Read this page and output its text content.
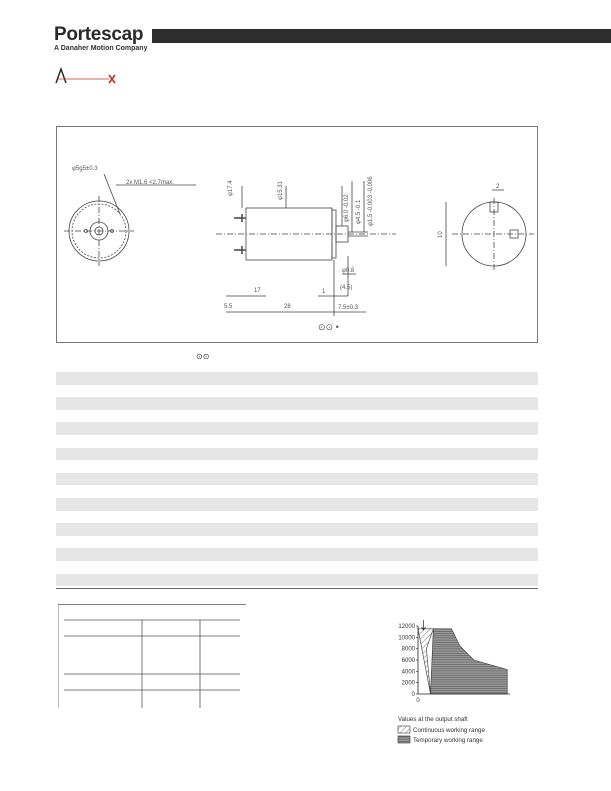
Portescap
A Danaher Motion Company
φ5g5±0.3
2x M1.6 <2.7max.	φ17.4	φ15.31
φ6.0 -0.02 φ4.5 -0.1 φ1.5 -0.003 -0.006
17
5.5	28
1
(4.5)
7.5±0.3
φ0.8
⊙⊙ •
2
10
⊙⊙
12000
10000
8000
6000
4000
2000
0
0
Values at the output shaft
Continuous working range
Temporary working range
